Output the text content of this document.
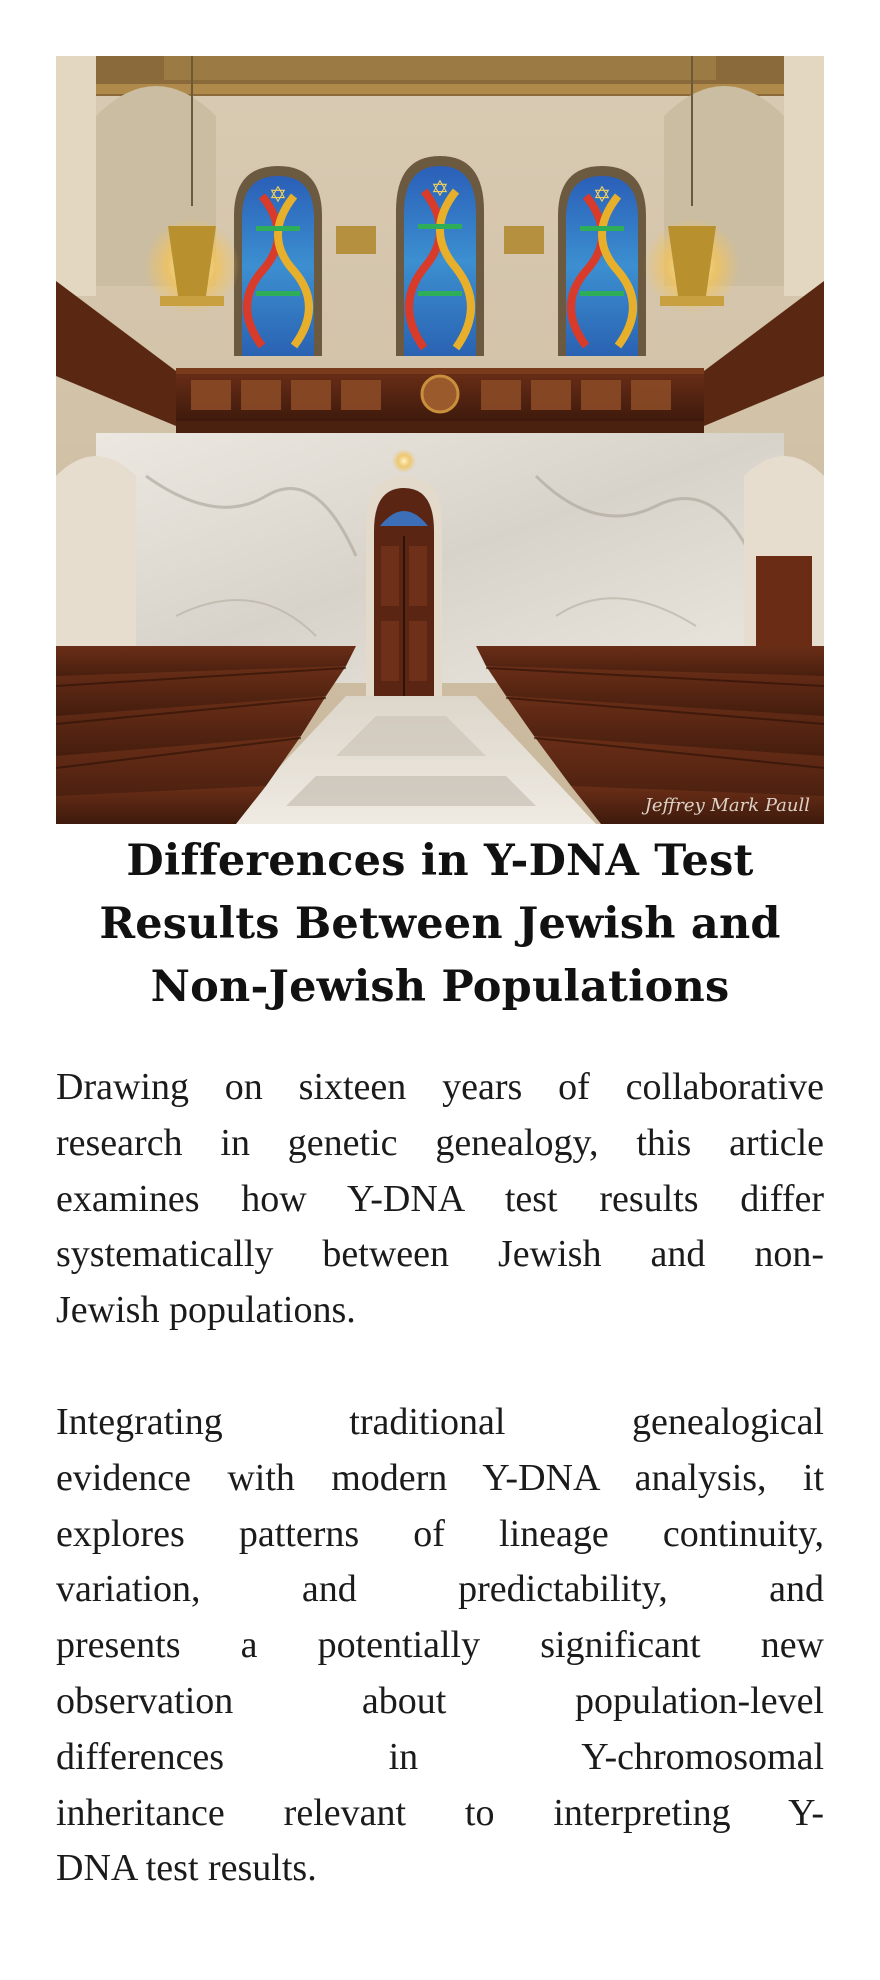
✡	✡	✡
Jeffrey Mark Paull
Differences in Y-DNA Test
Results Between Jewish and
Non-Jewish Populations
Drawing on sixteen years of collaborative
research in genetic genealogy, this article
examines how Y-DNA test results differ
systematically between Jewish and non-
Jewish populations.
Integrating traditional genealogical
evidence with modern Y-DNA analysis, it
explores patterns of lineage continuity,
variation, and predictability, and
presents a potentially significant new
observation about population-level
differences in Y-chromosomal
inheritance relevant to interpreting Y-
DNA test results.
